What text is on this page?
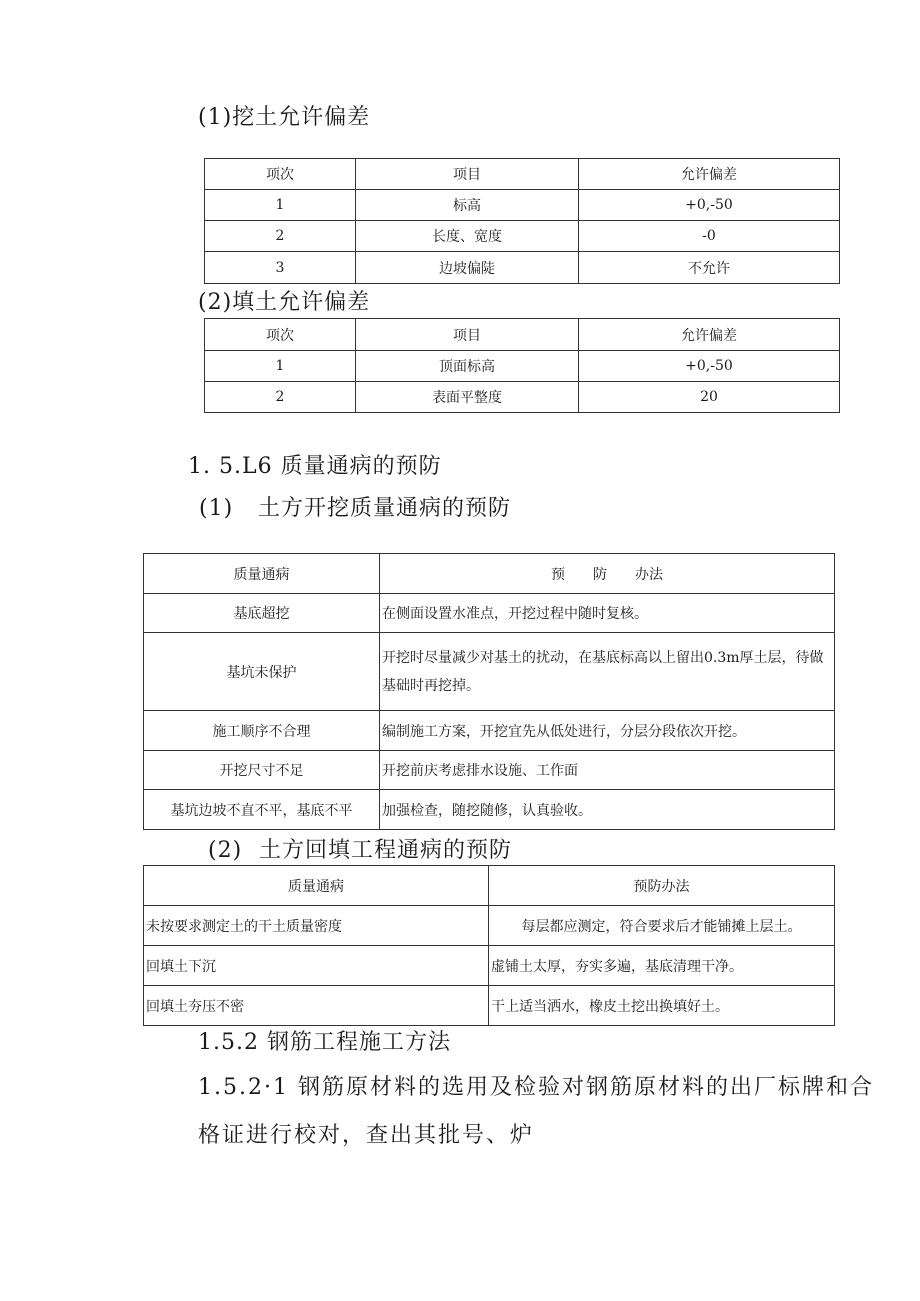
(1)挖土允许偏差
项次	项目	允许偏差
1	标高	+0,-50
2	长度、宽度	-0
3	边坡偏陡	不允许
(2)填土允许偏差
项次	项目	允许偏差
1	顶面标高	+0,-50
2	表面平整度	20
1. 5.L6 质量通病的预防
(1) 土方开挖质量通病的预防
质量通病	预　　防　　办法
基底超挖	在侧面设置水准点，开挖过程中随时复核。
基坑未保护	开挖时尽量减少对基土的扰动，在基底标高以上留出0.3m厚土层，待做基础时再挖掉。
施工顺序不合理	编制施工方案，开挖宜先从低处进行，分层分段依次开挖。
开挖尺寸不足	开挖前庆考虑排水设施、工作面
基坑边坡不直不平，基底不平	加强检查，随挖随修，认真验收。
(2) 土方回填工程通病的预防
质量通病	预防办法
未按要求测定土的干土质量密度	每层都应测定，符合要求后才能铺摊上层土。
回填土下沉	虚铺土太厚，夯实多遍，基底清理干净。
回填土夯压不密	干上适当洒水，橡皮土挖出换填好土。
1.5.2 钢筋工程施工方法
1.5.2·1 钢筋原材料的选用及检验对钢筋原材料的出厂标牌和合
格证进行校对，查出其批号、炉
